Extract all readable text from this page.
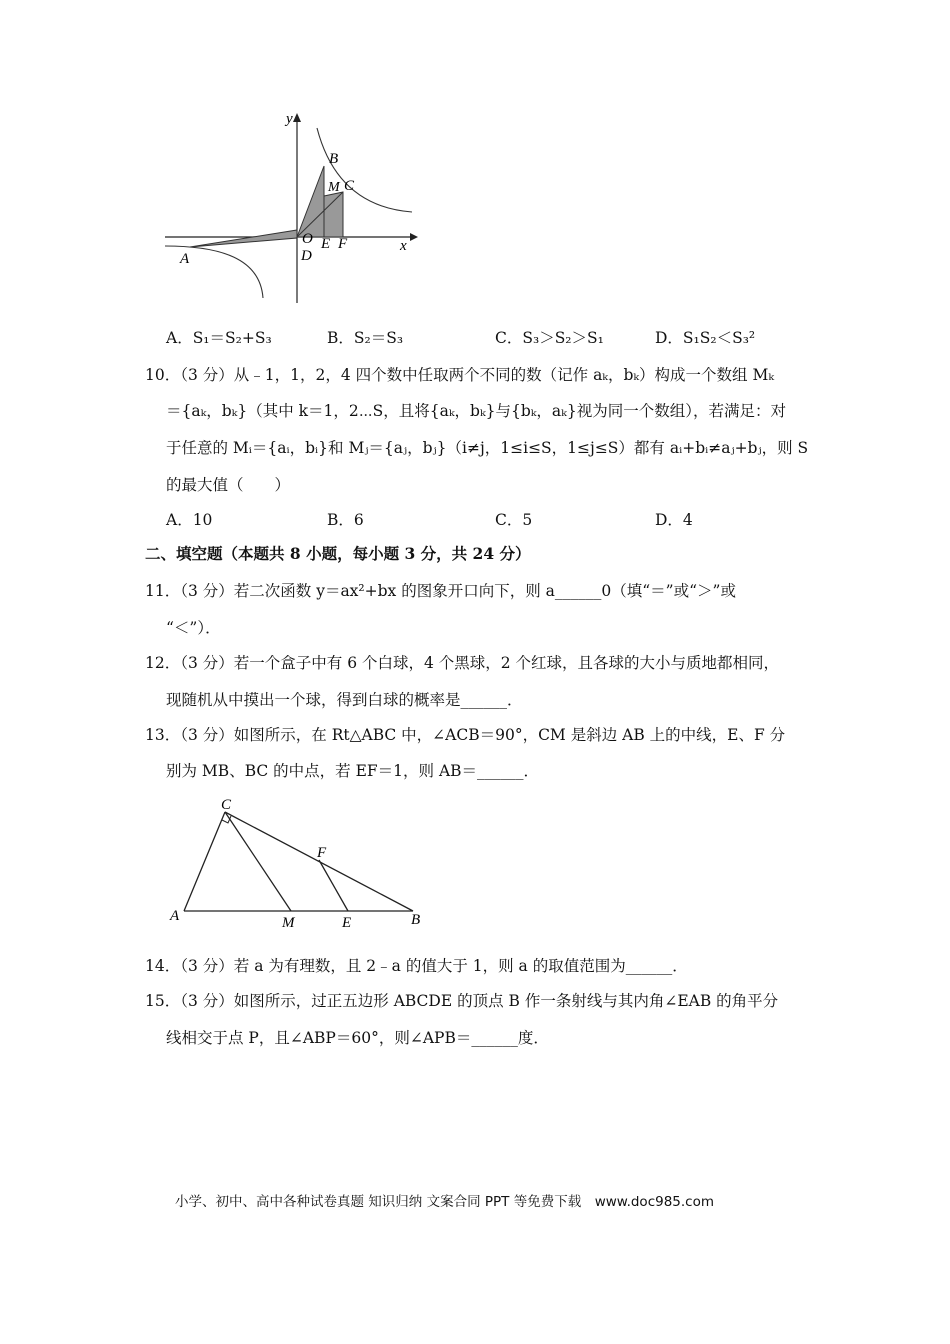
y
x
B
M C
O
D
E F
A
A．S₁＝S₂+S₃	B．S₂＝S₃	C．S₃＞S₂＞S₁	D．S₁S₂＜S₃²
10．（3 分）从﹣1，1，2，4 四个数中任取两个不同的数（记作 aₖ，bₖ）构成一个数组 Mₖ
＝{aₖ，bₖ}（其中 k＝1，2⋯S，且将{aₖ，bₖ}与{bₖ，aₖ}视为同一个数组），若满足：对
于任意的 Mᵢ＝{aᵢ，bᵢ}和 Mⱼ＝{aⱼ，bⱼ}（i≠j，1≤i≤S，1≤j≤S）都有 aᵢ+bᵢ≠aⱼ+bⱼ，则 S
的最大值（　　）
A．10	B．6	C．5	D．4
二、填空题（本题共 8 小题，每小题 3 分，共 24 分）
11．（3 分）若二次函数 y＝ax²+bx 的图象开口向下，则 a______0（填“＝”或“＞”或
“＜”）．
12．（3 分）若一个盒子中有 6 个白球，4 个黑球，2 个红球，且各球的大小与质地都相同，
现随机从中摸出一个球，得到白球的概率是______．
13．（3 分）如图所示，在 Rt△ABC 中，∠ACB＝90°，CM 是斜边 AB 上的中线，E、F 分
别为 MB、BC 的中点，若 EF＝1，则 AB＝______．
C
F
A	M	E	B
14．（3 分）若 a 为有理数，且 2﹣a 的值大于 1，则 a 的取值范围为______．
15．（3 分）如图所示，过正五边形 ABCDE 的顶点 B 作一条射线与其内角∠EAB 的角平分
线相交于点 P，且∠ABP＝60°，则∠APB＝______度．
小学、初中、高中各种试卷真题 知识归纳 文案合同 PPT 等免费下载　www.doc985.com
